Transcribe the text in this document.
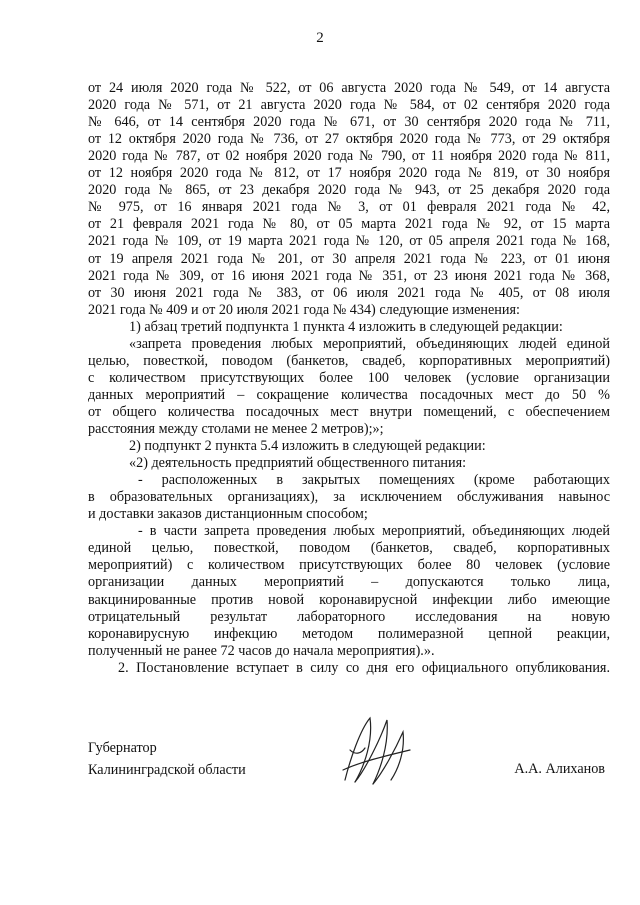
2
от 24 июля 2020 года № 522, от 06 августа 2020 года № 549, от 14 августа
2020 года № 571, от 21 августа 2020 года № 584, от 02 сентября 2020 года
№ 646, от 14 сентября 2020 года № 671, от 30 сентября 2020 года № 711,
от 12 октября 2020 года № 736, от 27 октября 2020 года № 773, от 29 октября
2020 года № 787, от 02 ноября 2020 года № 790, от 11 ноября 2020 года № 811,
от 12 ноября 2020 года № 812, от 17 ноября 2020 года № 819, от 30 ноября
2020 года № 865, от 23 декабря 2020 года № 943, от 25 декабря 2020 года
№ 975, от 16 января 2021 года № 3, от 01 февраля 2021 года № 42,
от 21 февраля 2021 года № 80, от 05 марта 2021 года № 92, от 15 марта
2021 года № 109, от 19 марта 2021 года № 120, от 05 апреля 2021 года № 168,
от 19 апреля 2021 года № 201, от 30 апреля 2021 года № 223, от 01 июня
2021 года № 309, от 16 июня 2021 года № 351, от 23 июня 2021 года № 368,
от 30 июня 2021 года № 383, от 06 июля 2021 года № 405, от 08 июля
2021 года № 409 и от 20 июля 2021 года № 434) следующие изменения:
1) абзац третий подпункта 1 пункта 4 изложить в следующей редакции:
«запрета проведения любых мероприятий, объединяющих людей единой
целью, повесткой, поводом (банкетов, свадеб, корпоративных мероприятий)
с количеством присутствующих более 100 человек (условие организации
данных мероприятий – сокращение количества посадочных мест до 50 %
от общего количества посадочных мест внутри помещений, с обеспечением
расстояния между столами не менее 2 метров);»;
2) подпункт 2 пункта 5.4 изложить в следующей редакции:
«2) деятельность предприятий общественного питания:
- расположенных в закрытых помещениях (кроме работающих
в образовательных организациях), за исключением обслуживания навынос
и доставки заказов дистанционным способом;
- в части запрета проведения любых мероприятий, объединяющих людей
единой целью, повесткой, поводом (банкетов, свадеб, корпоративных
мероприятий) с количеством присутствующих более 80 человек (условие
организации данных мероприятий – допускаются только лица,
вакцинированные против новой коронавирусной инфекции либо имеющие
отрицательный результат лабораторного исследования на новую
коронавирусную инфекцию методом полимеразной цепной реакции,
полученный не ранее 72 часов до начала мероприятия).».
2. Постановление вступает в силу со дня его официального опубликования.
Губернатор
Калининградской области	А.А. Алиханов
